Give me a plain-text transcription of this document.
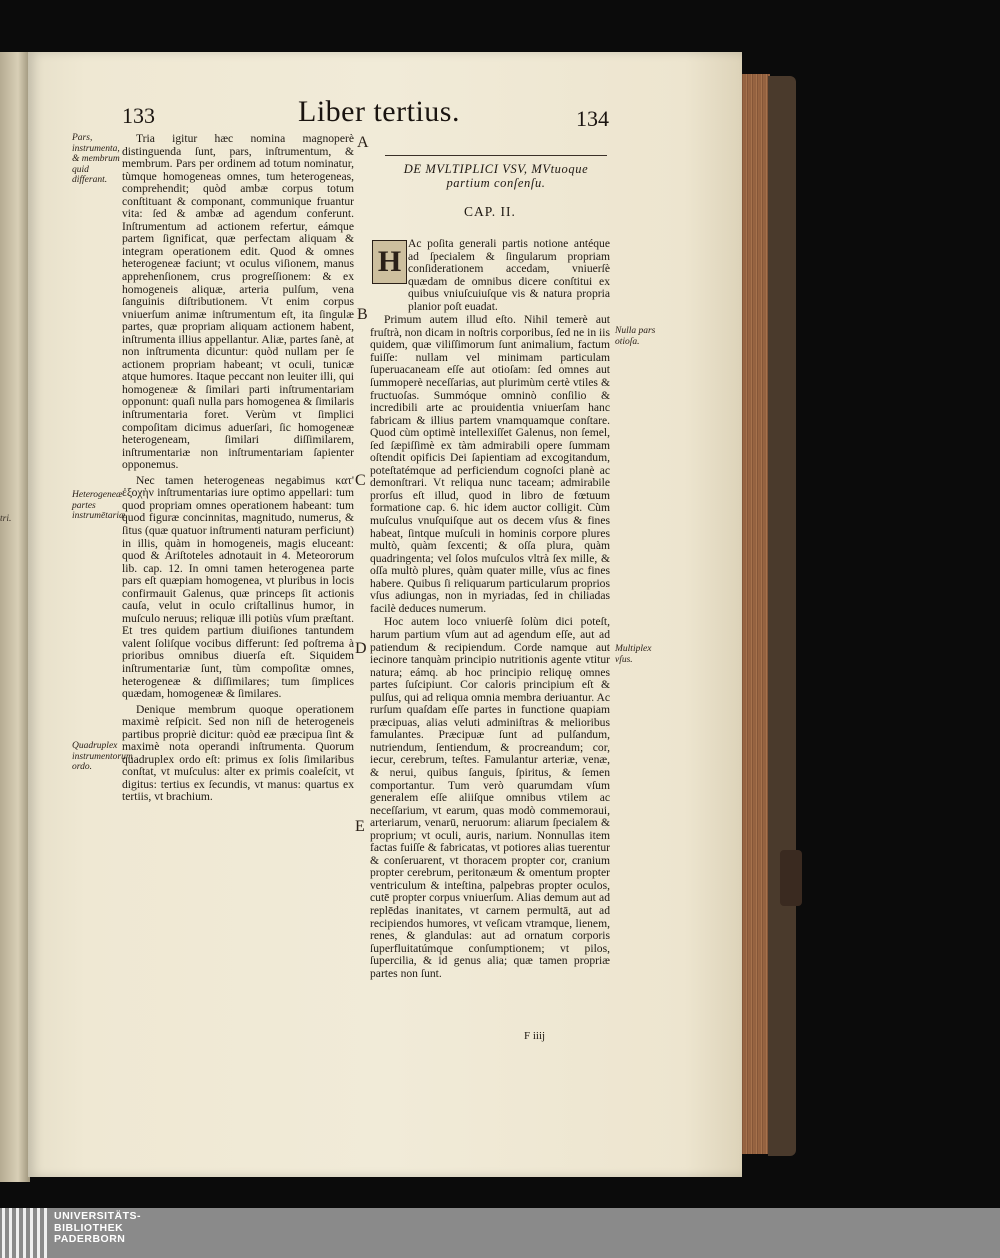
133	Liber tertius.	134
Pars, instrumenta, & membrum quid differant.
Heterogeneæ partes instrumētariæ.
Quadruplex instrumentorum ordo.
tri.

Tria igitur hæc nomina magnoperè distinguenda ſunt, pars, inſtrumentum, & membrum. Pars per ordinem ad totum nominatur, tùmque homogeneas omnes, tum heterogeneas, comprehendit; quòd ambæ corpus totum conſtituant & componant, communique fruantur vita: ſed & ambæ ad agendum conferunt. Inſtrumentum ad actionem refertur, eámque partem ſignificat, quæ perfectam aliquam & integram operationem edit. Quod & omnes heterogeneæ faciunt; vt oculus viſionem, manus apprehenſionem, crus progreſſionem: & ex homogeneis aliquæ, arteria pulſum, vena ſanguinis diſtributionem. Vt enim corpus vniuerſum animæ inſtrumentum eſt, ita ſingulæ partes, quæ propriam aliquam actionem habent, inſtrumenta illius appellantur. Aliæ, partes ſanè, at non inſtrumenta dicuntur: quòd nullam per ſe actionem propriam habeant; vt oculi, tunicæ atque humores. Itaque peccant non leuiter illi, qui homogeneæ & ſimilari parti inſtrumentariam opponunt: quaſi nulla pars homogenea & ſimilaris inſtrumentaria foret. Verùm vt ſimplici compoſitam dicimus aduerſari, ſic homogeneæ heterogeneam, ſimilari diſſimilarem, inſtrumentariæ non inſtrumentariam ſapienter opponemus.

Nec tamen heterogeneas negabimus κατ' ἐξοχὴν inſtrumentarias iure optimo appellari: tum quod propriam omnes operationem habeant: tum quod figuræ concinnitas, magnitudo, numerus, & ſitus (quæ quatuor inſtrumenti naturam perficiunt) in illis, quàm in homogeneis, magis eluceant: quod & Ariſtoteles adnotauit in 4. Meteororum lib. cap. 12. In omni tamen heterogenea parte pars eſt quæpiam homogenea, vt pluribus in locis confirmauit Galenus, quæ princeps ſit actionis cauſa, velut in oculo criſtallinus humor, in muſculo neruus; reliquæ illi potiùs vſum præſtant. Et tres quidem partium diuiſiones tantundem valent ſoliſque vocibus differunt: ſed poſtrema à prioribus omnibus diuerſa eſt. Siquidem inſtrumentariæ ſunt, tùm compoſitæ omnes, heterogeneæ & diſſimilares; tum ſimplices quædam, homogeneæ & ſimilares.

Denique membrum quoque operationem maximè reſpicit. Sed non niſi de heterogeneis partibus propriè dicitur: quòd eæ præcipua ſint & maximè nota operandi inſtrumenta. Quorum quadruplex ordo eſt: primus ex ſolis ſimilaribus conſtat, vt muſculus: alter ex primis coaleſcit, vt digitus: tertius ex ſecundis, vt manus: quartus ex tertiis, vt brachium.

A
B
C
D
E
DE MVLTIPLICI VSV, MVtuoque partium conſenſu.
CAP. II.
H

Ac poſita generali partis notione antéque ad ſpecialem & ſingularum propriam conſiderationem accedam, vniuerſè quædam de omnibus dicere conſtitui ex quibus vniuſcuiuſque vis & natura propria planior poſt euadat.

Primum autem illud eſto. Nihil temerè aut fruſtrà, non dicam in noſtris corporibus, ſed ne in iis quidem, quæ viliſſimorum ſunt animalium, factum fuiſſe: nullam vel minimam particulam ſuperuacaneam eſſe aut otioſam: ſed omnes aut ſummoperè neceſſarias, aut plurimùm certè vtiles & fructuoſas. Summóque omninò conſilio & incredibili arte ac prouidentia vniuerſam hanc fabricam & illius partem vnamquamque conſtare. Quod cùm optimè intellexiſſet Galenus, non ſemel, ſed ſæpiſſimè ex tàm admirabili opere ſummam oſtendit opificis Dei ſapientiam ad excogitandum, poteſtatémque ad perficiendum cognoſci planè ac demonſtrari. Vt reliqua nunc taceam; admirabile prorſus eſt illud, quod in libro de fœtuum formatione cap. 6. hic idem auctor colligit. Cùm muſculus vnuſquiſque aut os decem vſus & fines habeat, ſintque muſculi in hominis corpore plures multò, quàm ſexcenti; & oſſa plura, quàm quadringenta; vel ſolos muſculos vltrà ſex mille, & oſſa multò plures, quàm quater mille, vſus ac fines habere. Quibus ſi reliquarum particularum proprios vſus adiungas, non in myriadas, ſed in chiliadas facilè deduces numerum.

Hoc autem loco vniuerſè ſolùm dici poteſt, harum partium vſum aut ad agendum eſſe, aut ad patiendum & recipiendum. Corde namque aut iecinore tanquàm principio nutritionis agente vtitur natura; eámq. ab hoc principio reliquę omnes partes ſuſcipiunt. Cor caloris principium eſt & pulſus, qui ad reliqua omnia membra deriuantur. Ac rurſum quaſdam eſſe partes in functione quapiam præcipuas, alias veluti adminiſtras & melioribus famulantes. Præcipuæ ſunt ad pulſandum, nutriendum, ſentiendum, & procreandum; cor, iecur, cerebrum, teſtes. Famulantur arteriæ, venæ, & nerui, quibus ſanguis, ſpiritus, & ſemen comportantur. Tum verò quarumdam vſum generalem eſſe aliiſque omnibus vtilem ac neceſſarium, vt earum, quas modò commemoraui, arteriarum, venarū, neruorum: aliarum ſpecialem & proprium; vt oculi, auris, narium. Nonnullas item factas fuiſſe & fabricatas, vt potiores alias tuerentur & conſeruarent, vt thoracem propter cor, cranium propter cerebrum, peritonæum & omentum propter ventriculum & inteſtina, palpebras propter oculos, cutē propter corpus vniuerſum. Alias demum aut ad replēdas inanitates, vt carnem permultā, aut ad recipiendos humores, vt veſicam vtramque, lienem, renes, & glandulas: aut ad ornatum corporis ſuperfluitatúmque conſumptionem; vt pilos, ſupercilia, & id genus alia; quæ tamen propriæ partes non ſunt.

Nulla pars otioſa.
Multiplex vſus.
F iiij
UNIVERSITÄTS-
BIBLIOTHEK
PADERBORN
